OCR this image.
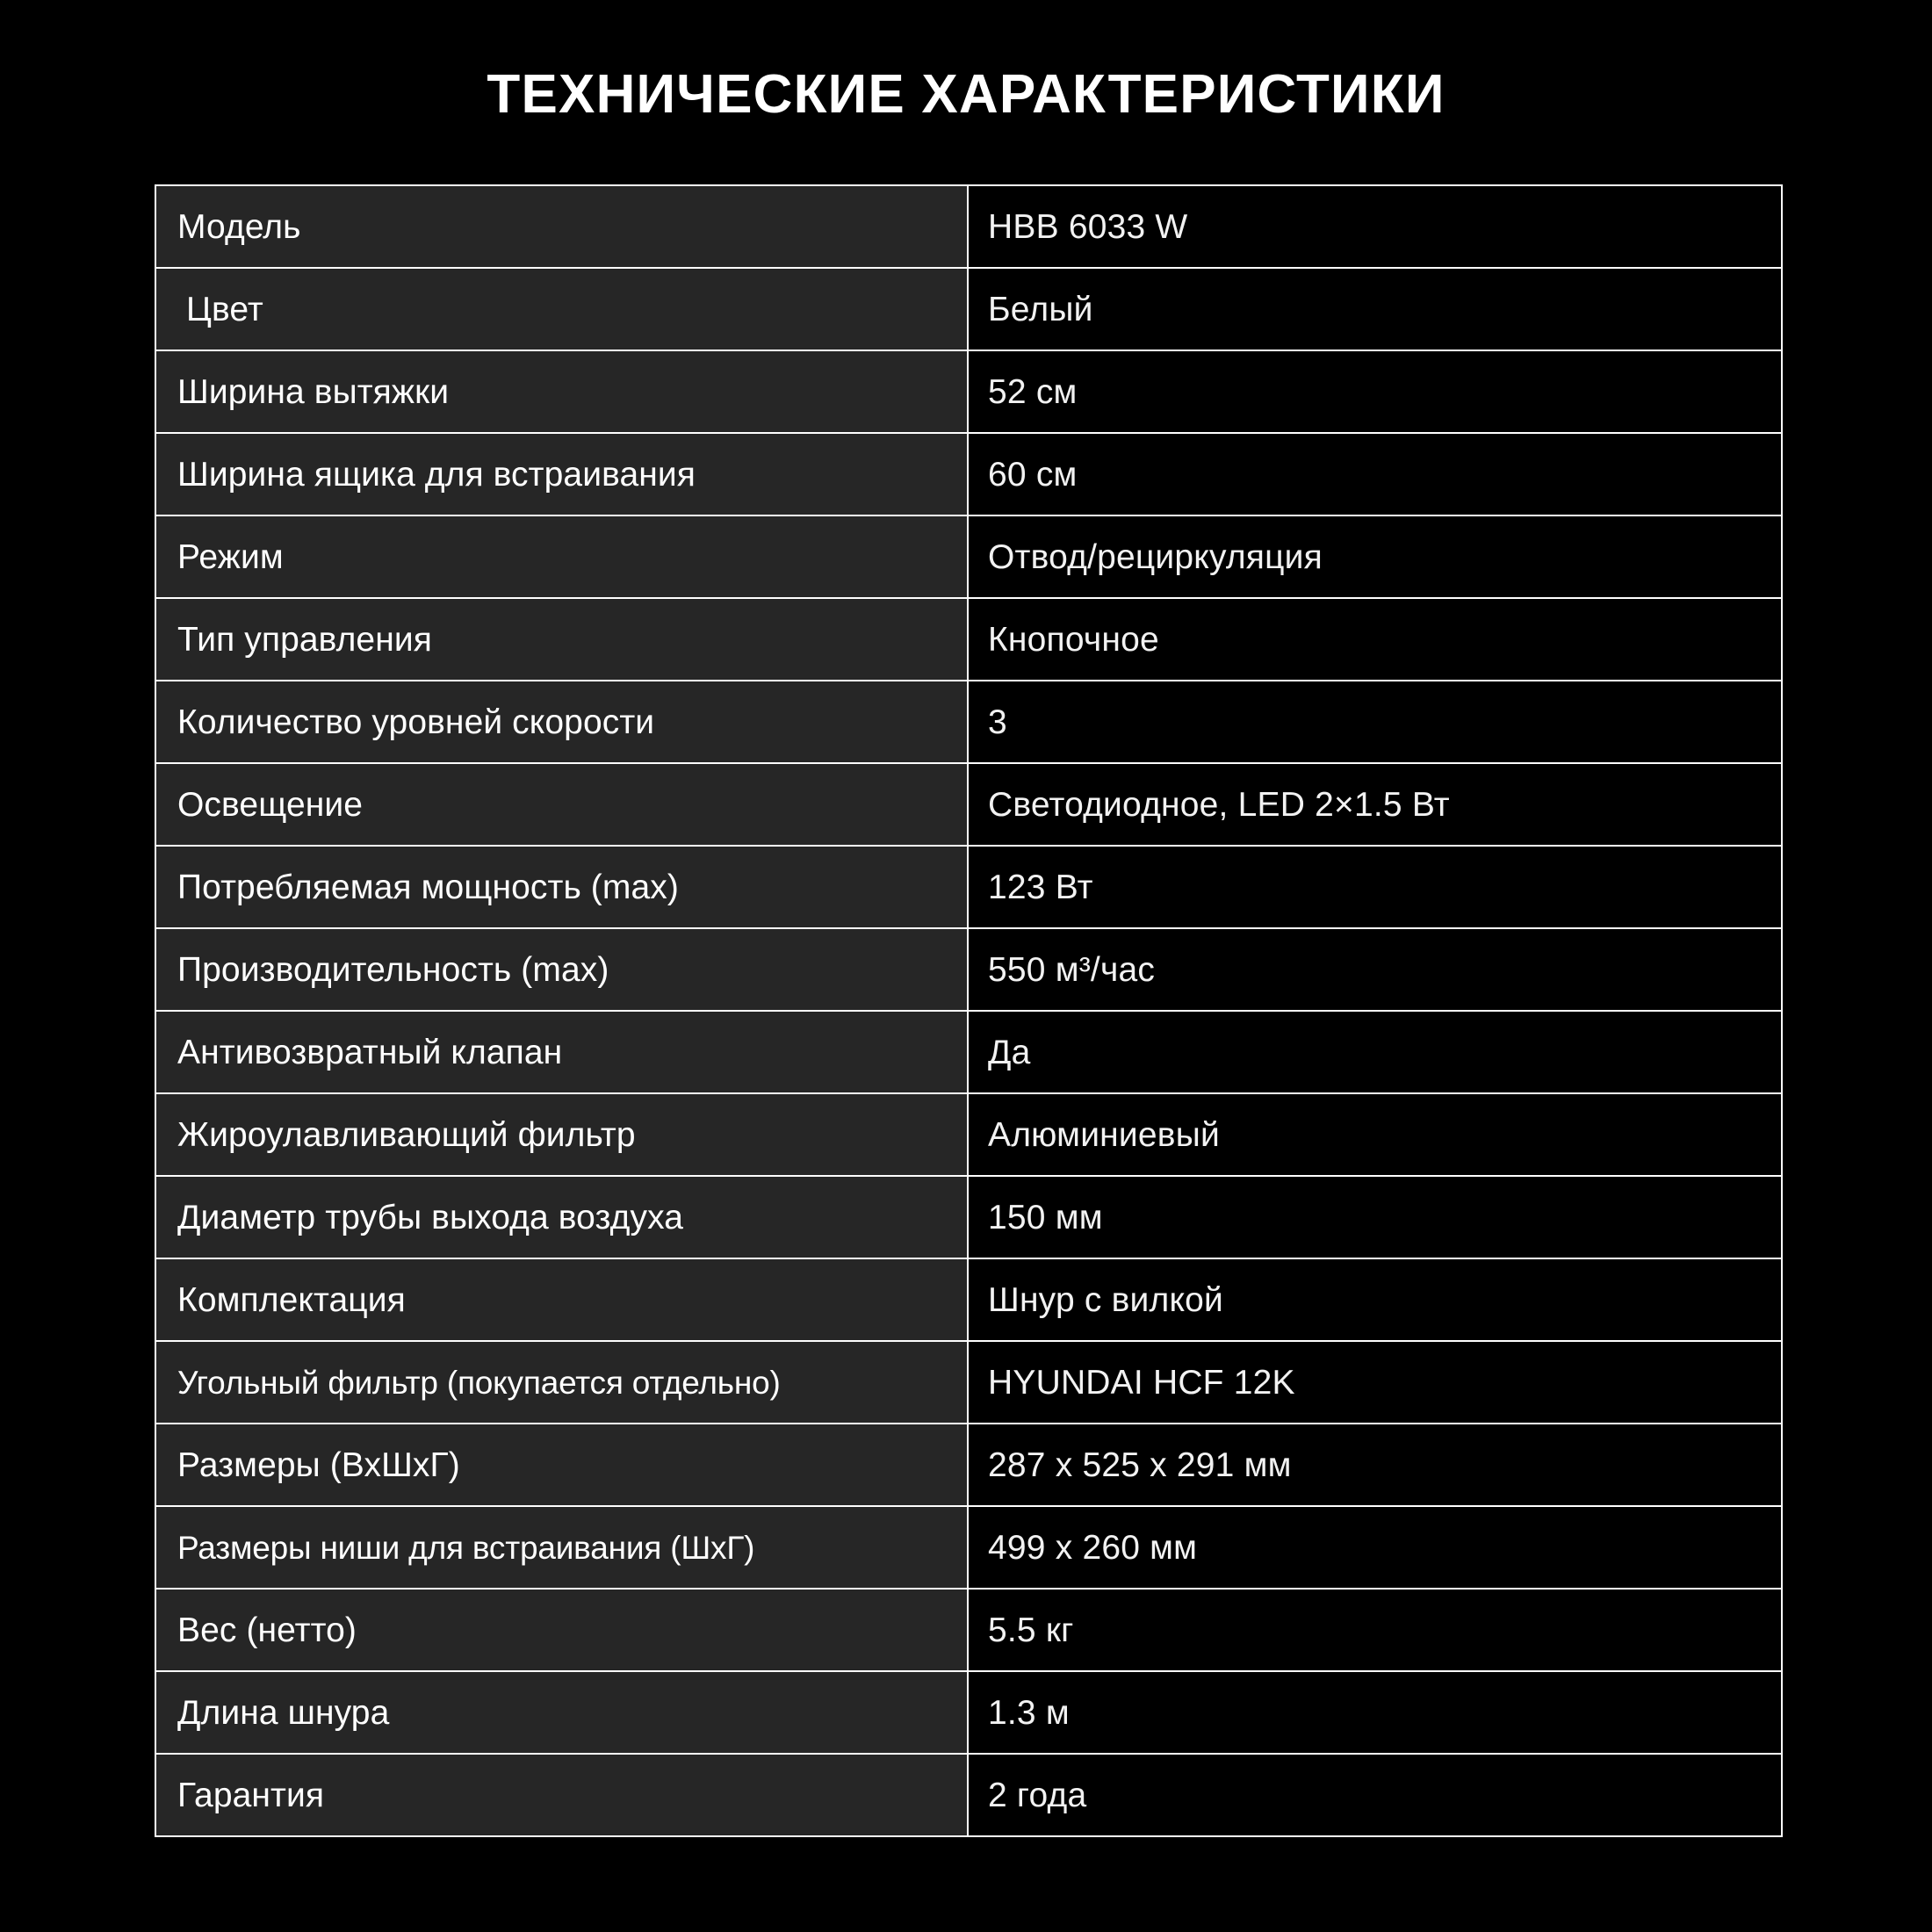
ТЕХНИЧЕСКИЕ ХАРАКТЕРИСТИКИ
Модель	HBB 6033 W

Цвет	Белый

Ширина вытяжки	52 см

Ширина ящика для встраивания	60 см

Режим	Отвод/рециркуляция

Тип управления	Кнопочное

Количество уровней скорости	3

Освещение	Светодиодное, LED 2×1.5 Вт

Потребляемая мощность (max)	123 Вт

Производительность (max)	550 м³/час

Антивозвратный клапан	Да

Жироулавливающий фильтр	Алюминиевый

Диаметр трубы выхода воздуха	150 мм

Комплектация	Шнур с вилкой

Угольный фильтр (покупается отдельно)	HYUNDAI HCF 12K

Размеры (ВхШхГ)	287 х 525 х 291 мм

Размеры ниши для встраивания (ШхГ)	499 х 260 мм

Вес (нетто)	5.5 кг

Длина шнура	1.3 м

Гарантия	2 года
